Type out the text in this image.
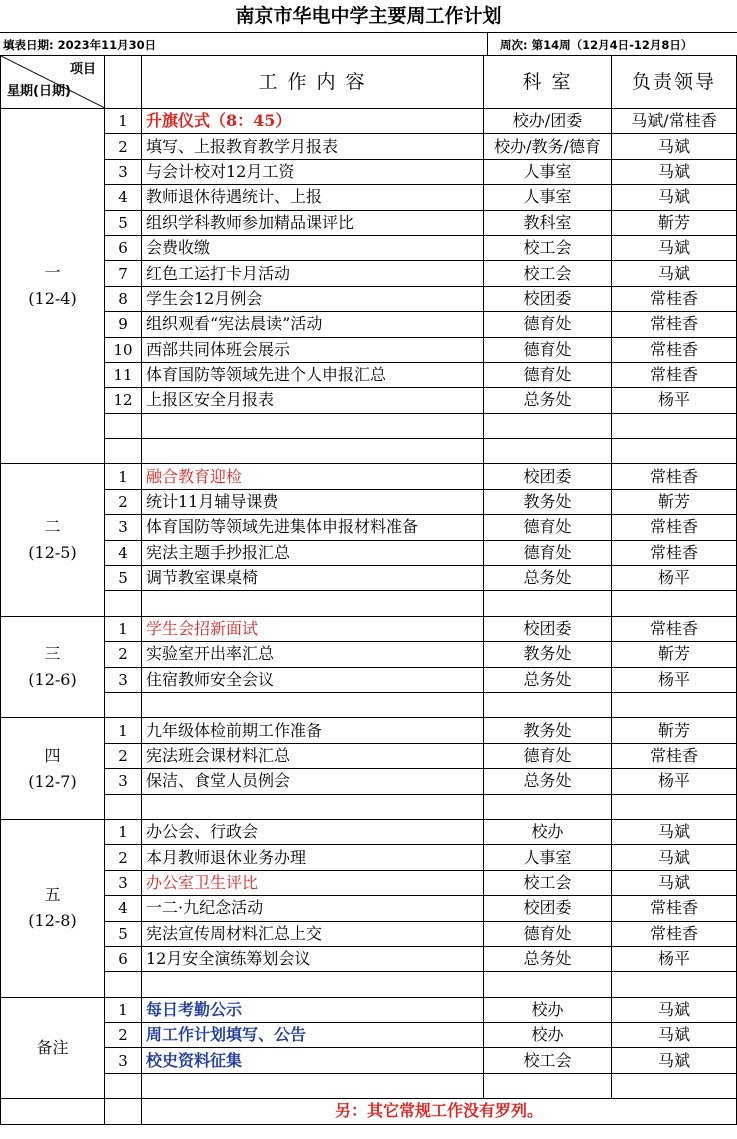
南京市华电中学主要周工作计划
填表日期: 2023年11月30日	周次: 第14周（12月4日-12月8日）
项目
星期(日期)		工 作 内 容	科 室	负责领导

一
(12-4)	1	升旗仪式（8：45）	校办/团委	马斌/常桂香
	2	填写、上报教育教学月报表	校办/教务/德育	马斌
	3	与会计校对12月工资	人事室	马斌
	4	教师退休待遇统计、上报	人事室	马斌
	5	组织学科教师参加精品课评比	教科室	靳芳
	6	会费收缴	校工会	马斌
	7	红色工运打卡月活动	校工会	马斌
	8	学生会12月例会	校团委	常桂香
	9	组织观看“宪法晨读”活动	德育处	常桂香
	10	西部共同体班会展示	德育处	常桂香
	11	体育国防等领域先进个人申报汇总	德育处	常桂香
	12	上报区安全月报表	总务处	杨平

二
(12-5)	1	融合教育迎检	校团委	常桂香
	2	统计11月辅导课费	教务处	靳芳
	3	体育国防等领域先进集体申报材料准备	德育处	常桂香
	4	宪法主题手抄报汇总	德育处	常桂香
	5	调节教室课桌椅	总务处	杨平

三
(12-6)	1	学生会招新面试	校团委	常桂香
	2	实验室开出率汇总	教务处	靳芳
	3	住宿教师安全会议	总务处	杨平

四
(12-7)	1	九年级体检前期工作准备	教务处	靳芳
	2	宪法班会课材料汇总	德育处	常桂香
	3	保洁、食堂人员例会	总务处	杨平

五
(12-8)	1	办公会、行政会	校办	马斌
	2	本月教师退休业务办理	人事室	马斌
	3	办公室卫生评比	校工会	马斌
	4	一二·九纪念活动	校团委	常桂香
	5	宪法宣传周材料汇总上交	德育处	常桂香
	6	12月安全演练筹划会议	总务处	杨平

备注	1	每日考勤公示	校办	马斌
	2	周工作计划填写、公告	校办	马斌
	3	校史资料征集	校工会	马斌

		另：其它常规工作没有罗列。		
